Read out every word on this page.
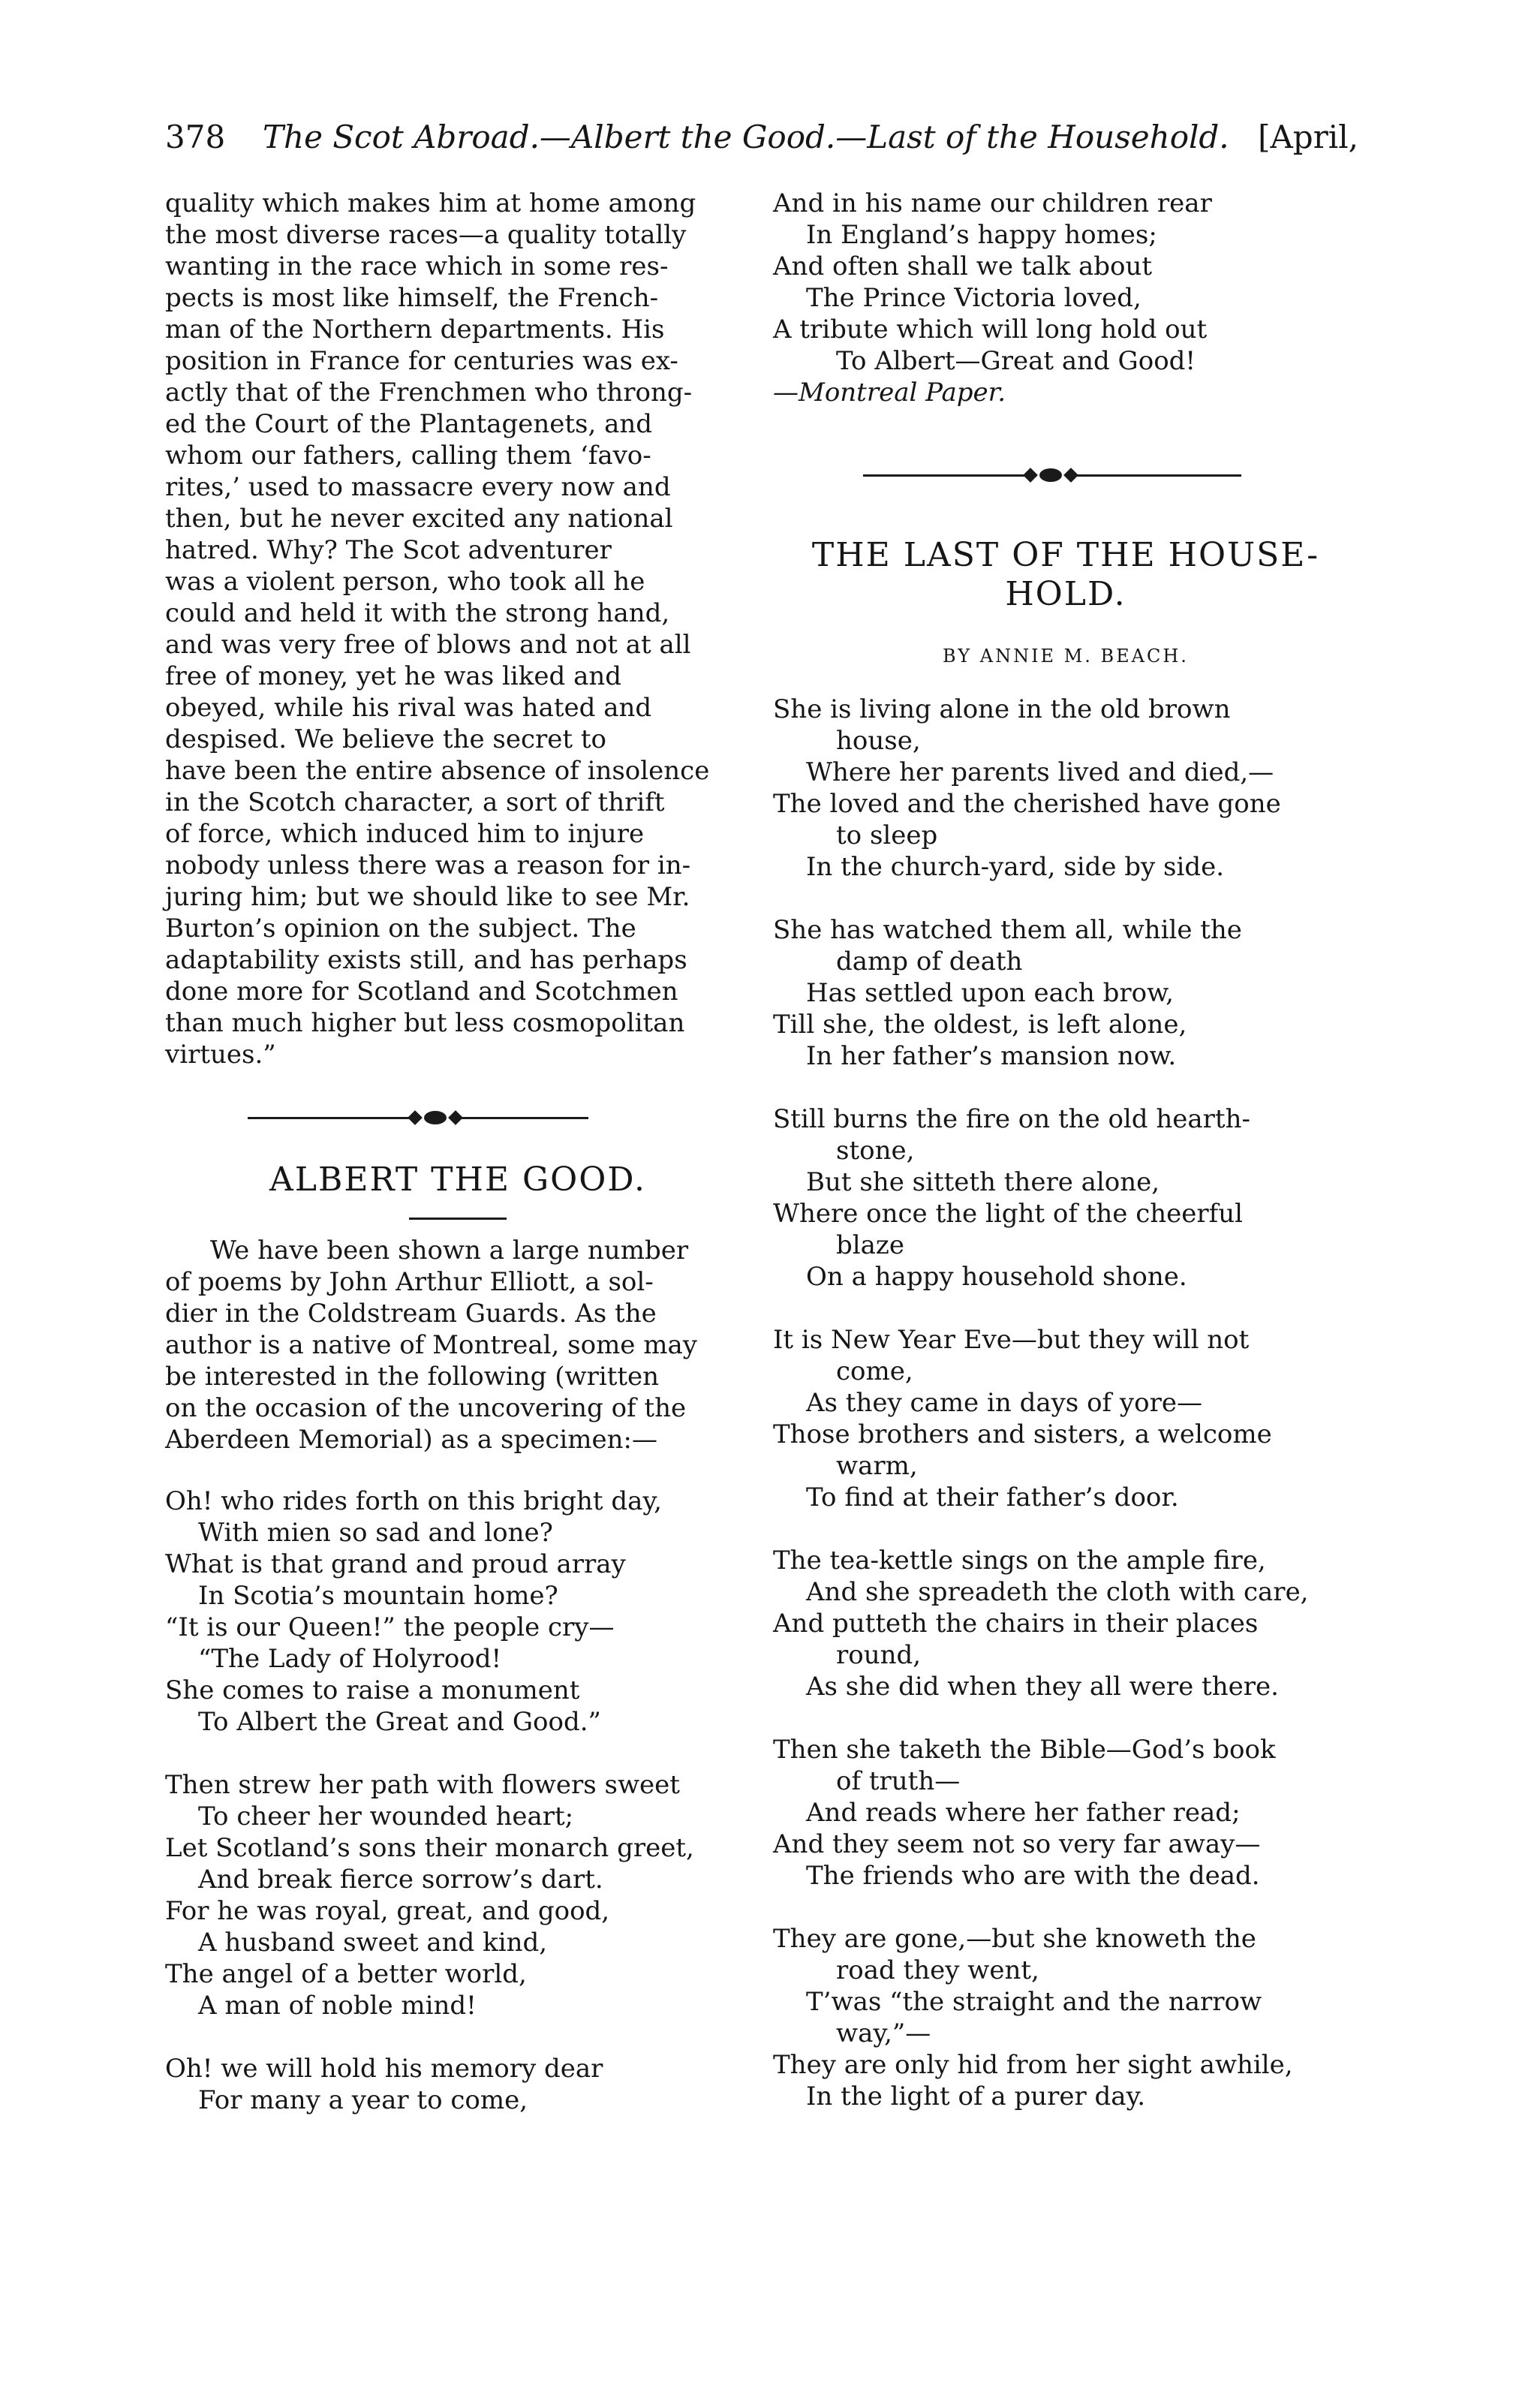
378 The Scot Abroad.—Albert the Good.—Last of the Household. [April,
quality which makes him at home among
the most diverse races—a quality totally
wanting in the race which in some res-
pects is most like himself, the French-
man of the Northern departments. His
position in France for centuries was ex-
actly that of the Frenchmen who throng-
ed the Court of the Plantagenets, and
whom our fathers, calling them ‘favo-
rites,’ used to massacre every now and
then, but he never excited any national
hatred. Why? The Scot adventurer
was a violent person, who took all he
could and held it with the strong hand,
and was very free of blows and not at all
free of money, yet he was liked and
obeyed, while his rival was hated and
despised. We believe the secret to
have been the entire absence of insolence
in the Scotch character, a sort of thrift
of force, which induced him to injure
nobody unless there was a reason for in-
juring him; but we should like to see Mr.
Burton’s opinion on the subject. The
adaptability exists still, and has perhaps
done more for Scotland and Scotchmen
than much higher but less cosmopolitan
virtues.”
ALBERT THE GOOD.
We have been shown a large number
of poems by John Arthur Elliott, a sol-
dier in the Coldstream Guards. As the
author is a native of Montreal, some may
be interested in the following (written
on the occasion of the uncovering of the
Aberdeen Memorial) as a specimen:—
Oh! who rides forth on this bright day,
With mien so sad and lone?
What is that grand and proud array
In Scotia’s mountain home?
“It is our Queen!” the people cry—
“The Lady of Holyrood!
She comes to raise a monument
To Albert the Great and Good.”
Then strew her path with flowers sweet
To cheer her wounded heart;
Let Scotland’s sons their monarch greet,
And break fierce sorrow’s dart.
For he was royal, great, and good,
A husband sweet and kind,
The angel of a better world,
A man of noble mind!
Oh! we will hold his memory dear
For many a year to come,
And in his name our children rear
In England’s happy homes;
And often shall we talk about
The Prince Victoria loved,
A tribute which will long hold out
To Albert—Great and Good!
—Montreal Paper.
THE LAST OF THE HOUSE-
HOLD.
BY ANNIE M. BEACH.
She is living alone in the old brown
house,
Where her parents lived and died,—
The loved and the cherished have gone
to sleep
In the church-yard, side by side.
She has watched them all, while the
damp of death
Has settled upon each brow,
Till she, the oldest, is left alone,
In her father’s mansion now.
Still burns the fire on the old hearth-
stone,
But she sitteth there alone,
Where once the light of the cheerful
blaze
On a happy household shone.
It is New Year Eve—but they will not
come,
As they came in days of yore—
Those brothers and sisters, a welcome
warm,
To find at their father’s door.
The tea-kettle sings on the ample fire,
And she spreadeth the cloth with care,
And putteth the chairs in their places
round,
As she did when they all were there.
Then she taketh the Bible—God’s book
of truth—
And reads where her father read;
And they seem not so very far away—
The friends who are with the dead.
They are gone,—but she knoweth the
road they went,
T’was “the straight and the narrow
way,”—
They are only hid from her sight awhile,
In the light of a purer day.
